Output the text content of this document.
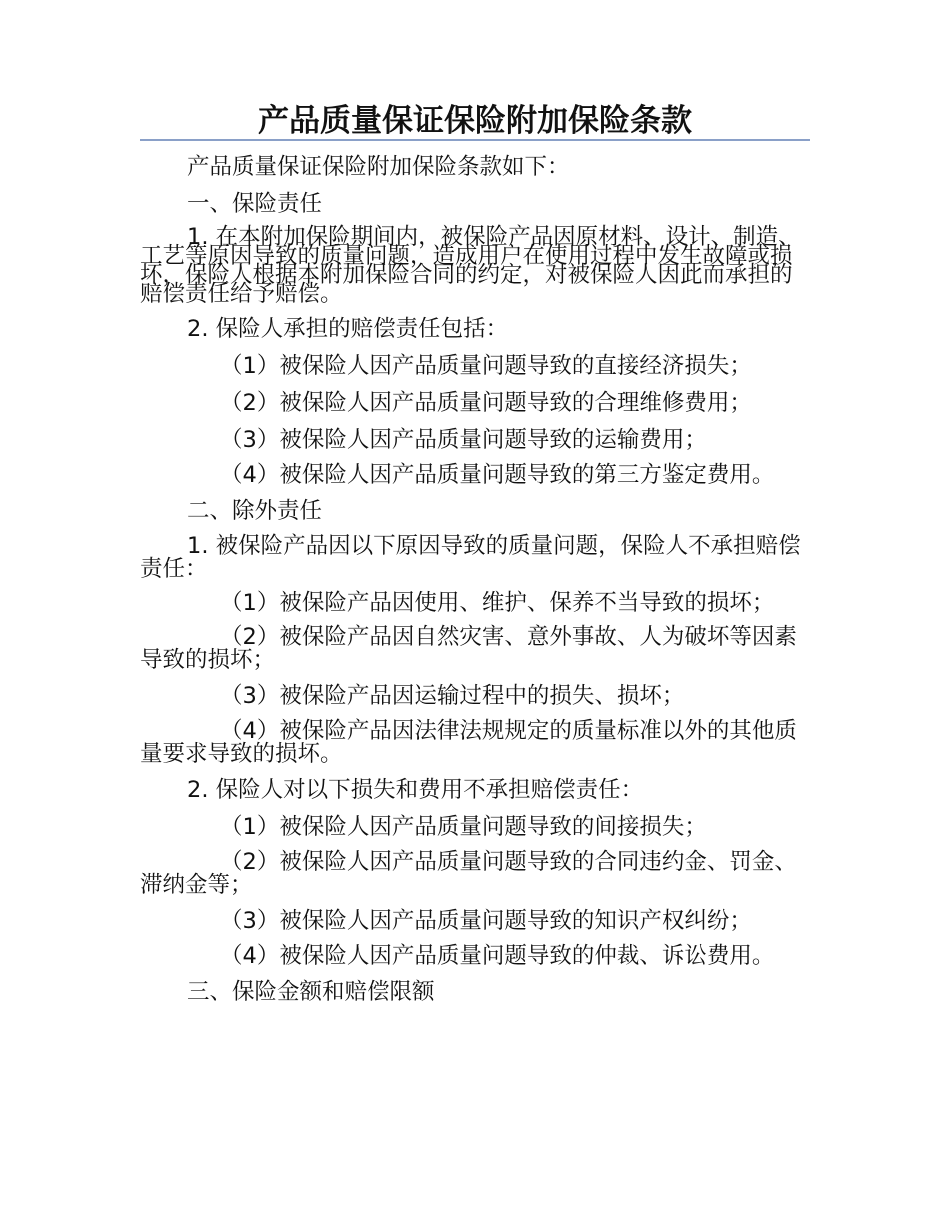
产品质量保证保险附加保险条款

产品质量保证保险附加保险条款如下：

一、保险责任

1. 在本附加保险期间内，被保险产品因原材料、设计、制造、工艺等原因导致的质量问题，造成用户在使用过程中发生故障或损坏，保险人根据本附加保险合同的约定，对被保险人因此而承担的赔偿责任给予赔偿。

2. 保险人承担的赔偿责任包括：

（1）被保险人因产品质量问题导致的直接经济损失；

（2）被保险人因产品质量问题导致的合理维修费用；

（3）被保险人因产品质量问题导致的运输费用；

（4）被保险人因产品质量问题导致的第三方鉴定费用。

二、除外责任

1. 被保险产品因以下原因导致的质量问题，保险人不承担赔偿责任：

（1）被保险产品因使用、维护、保养不当导致的损坏；

（2）被保险产品因自然灾害、意外事故、人为破坏等因素导致的损坏；

（3）被保险产品因运输过程中的损失、损坏；

（4）被保险产品因法律法规规定的质量标准以外的其他质量要求导致的损坏。

2. 保险人对以下损失和费用不承担赔偿责任：

（1）被保险人因产品质量问题导致的间接损失；

（2）被保险人因产品质量问题导致的合同违约金、罚金、滞纳金等；

（3）被保险人因产品质量问题导致的知识产权纠纷；

（4）被保险人因产品质量问题导致的仲裁、诉讼费用。

三、保险金额和赔偿限额
